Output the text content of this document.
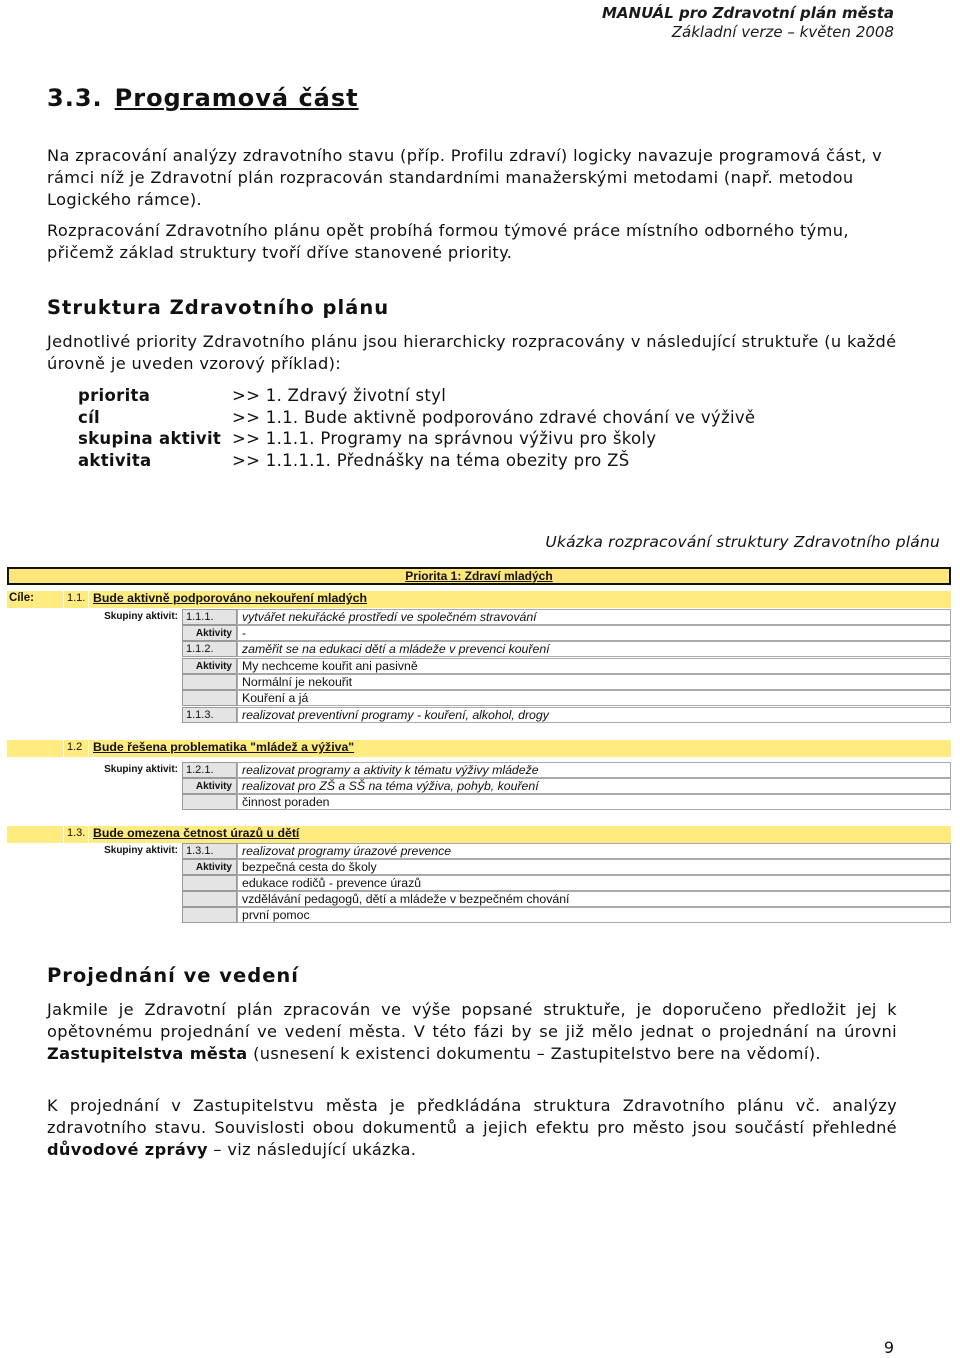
MANUÁL pro Zdravotní plán města
Základní verze – květen 2008
3.3. Programová část
Na zpracování analýzy zdravotního stavu (příp. Profilu zdraví) logicky navazuje programová část, v rámci níž je Zdravotní plán rozpracován standardními manažerskými metodami (např. metodou Logického rámce).
Rozpracování Zdravotního plánu opět probíhá formou týmové práce místního odborného týmu, přičemž základ struktury tvoří dříve stanovené priority.
Struktura Zdravotního plánu
Jednotlivé priority Zdravotního plánu jsou hierarchicky rozpracovány v následující struktuře (u každé úrovně je uveden vzorový příklad):
priorita	>> 1. Zdravý životní styl
cíl	>> 1.1. Bude aktivně podporováno zdravé chování ve výživě
skupina aktivit >> 1.1.1. Programy na správnou výživu pro školy
aktivita	>> 1.1.1.1. Přednášky na téma obezity pro ZŠ
Ukázka rozpracování struktury Zdravotního plánu
Priorita 1: Zdraví mladých
Cíle:	1.1. Bude aktivně podporováno nekouření mladých
Skupiny aktivit: 1.1.1.	vytvářet nekuřácké prostředí ve společném stravování
Aktivity -
1.1.2.	zaměřit se na edukaci dětí a mládeže v prevenci kouření
Aktivity My nechceme kouřit ani pasivně
Normální je nekouřit
Kouření a já
1.1.3.	realizovat preventivní programy - kouření, alkohol, drogy
1.2 Bude řešena problematika "mládež a výživa"
Skupiny aktivit: 1.2.1.	realizovat programy a aktivity k tématu výživy mládeže
Aktivity realizovat pro ZŠ a SŠ na téma výživa, pohyb, kouření
činnost poraden
1.3. Bude omezena četnost úrazů u dětí
Skupiny aktivit: 1.3.1.	realizovat programy úrazové prevence
Aktivity bezpečná cesta do školy
edukace rodičů - prevence úrazů
vzdělávání pedagogů, dětí a mládeže v bezpečném chování
první pomoc
Projednání ve vedení
Jakmile je Zdravotní plán zpracován ve výše popsané struktuře, je doporučeno předložit jej k opětovnému projednání ve vedení města. V této fázi by se již mělo jednat o projednání na úrovni Zastupitelstva města (usnesení k existenci dokumentu – Zastupitelstvo bere na vědomí).
K projednání v Zastupitelstvu města je předkládána struktura Zdravotního plánu vč. analýzy zdravotního stavu. Souvislosti obou dokumentů a jejich efektu pro město jsou součástí přehledné důvodové zprávy – viz následující ukázka.
9
